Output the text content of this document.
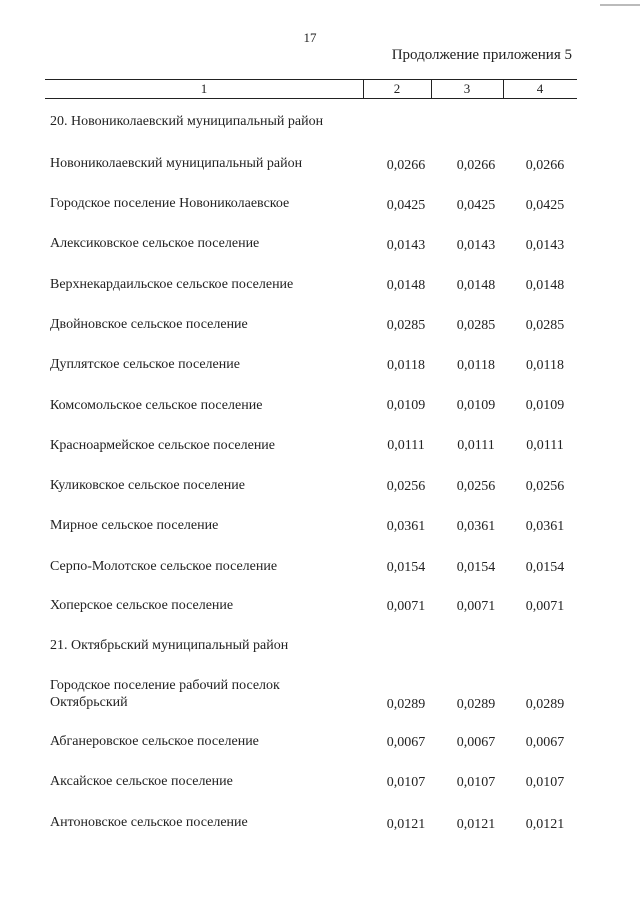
17
Продолжение приложения 5
1	2	3	4
20. Новониколаевский муниципальный район
Новониколаевский муниципальный район	0,0266	0,0266	0,0266
Городское поселение Новониколаевское	0,0425	0,0425	0,0425
Алексиковское сельское поселение	0,0143	0,0143	0,0143
Верхнекардаильское сельское поселение	0,0148	0,0148	0,0148
Двойновское сельское поселение	0,0285	0,0285	0,0285
Дуплятское сельское поселение	0,0118	0,0118	0,0118
Комсомольское сельское поселение	0,0109	0,0109	0,0109
Красноармейское сельское поселение	0,0111	0,0111	0,0111
Куликовское сельское поселение	0,0256	0,0256	0,0256
Мирное сельское поселение	0,0361	0,0361	0,0361
Серпо-Молотское сельское поселение	0,0154	0,0154	0,0154
Хоперское сельское поселение	0,0071	0,0071	0,0071
21. Октябрьский муниципальный район
Городское поселение рабочий поселок
Октябрьский	0,0289	0,0289	0,0289
Абганеровское сельское поселение	0,0067	0,0067	0,0067
Аксайское сельское поселение	0,0107	0,0107	0,0107
Антоновское сельское поселение	0,0121	0,0121	0,0121
